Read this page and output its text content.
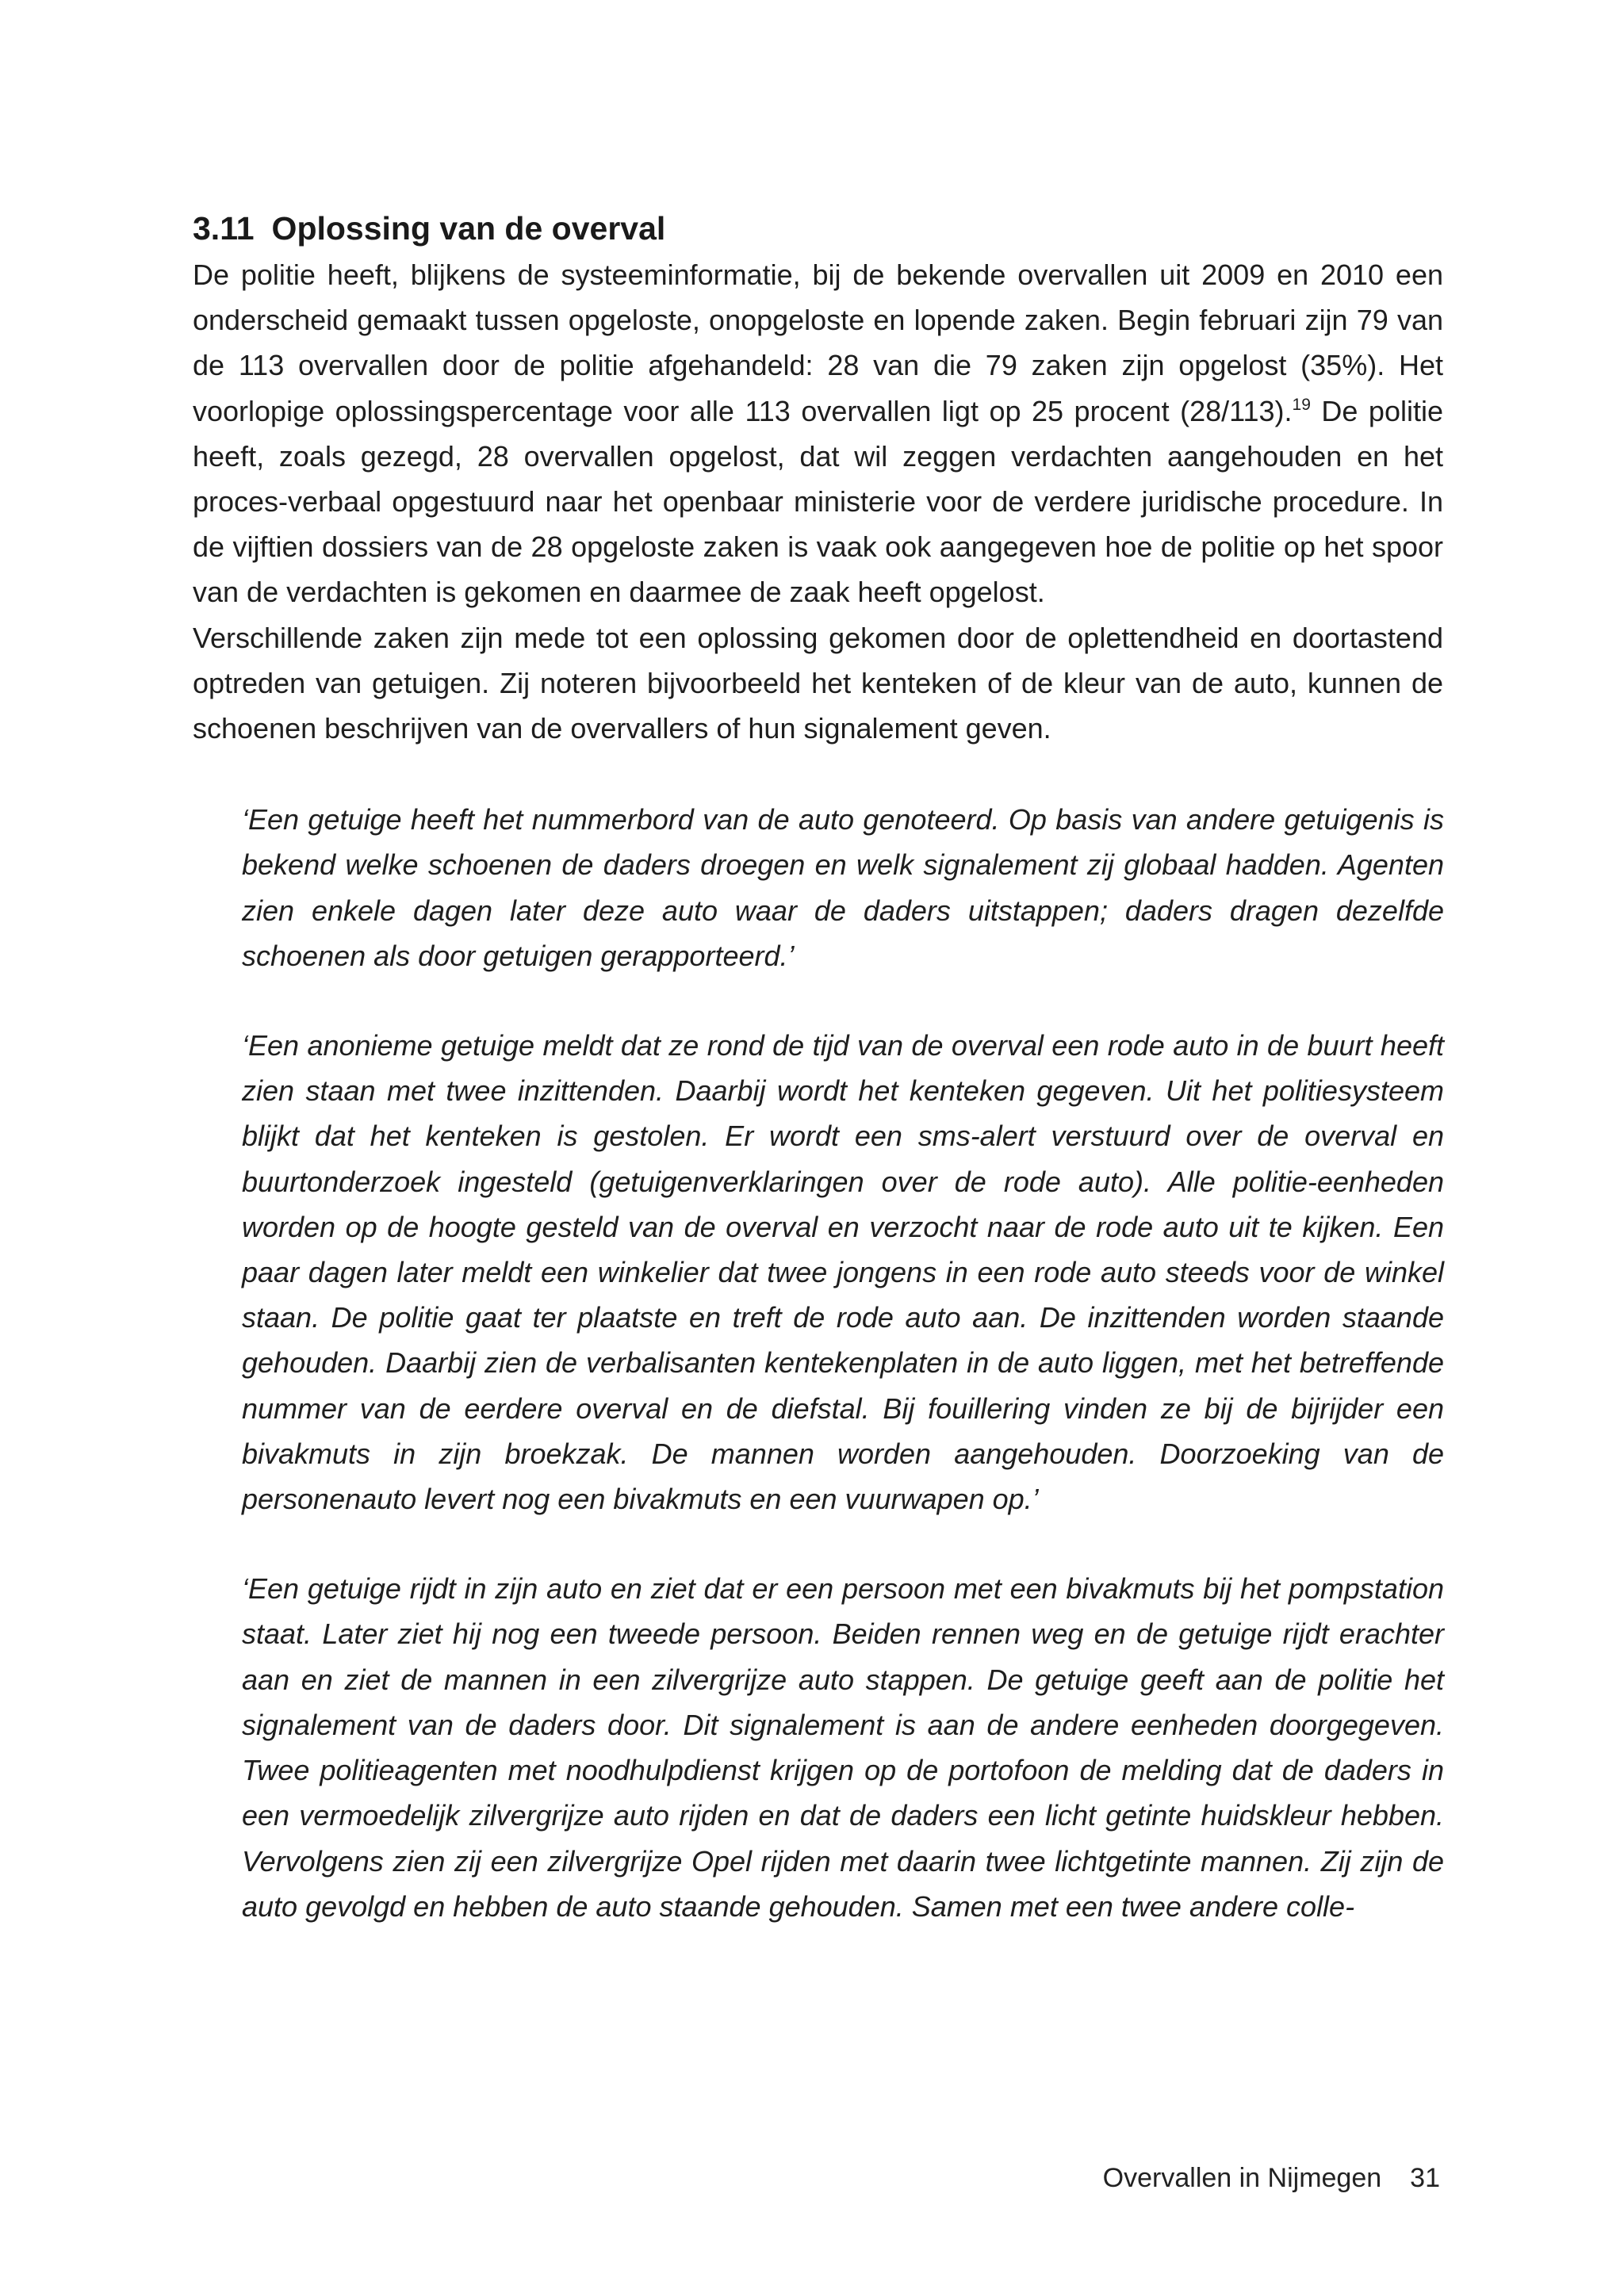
3.11 Oplossing van de overval

De politie heeft, blijkens de systeeminformatie, bij de bekende overvallen uit 2009 en 2010 een onderscheid gemaakt tussen opgeloste, onopgeloste en lopende zaken. Begin februari zijn 79 van de 113 overvallen door de politie afgehandeld: 28 van die 79 zaken zijn opgelost (35%). Het voorlopige oplossingspercentage voor alle 113 overvallen ligt op 25 procent (28/113).$^{19}$ De politie heeft, zoals gezegd, 28 overvallen opgelost, dat wil zeggen verdachten aangehouden en het proces-verbaal opgestuurd naar het openbaar ministerie voor de verdere juridische procedure. In de vijftien dossiers van de 28 opgeloste zaken is vaak ook aangegeven hoe de politie op het spoor van de verdachten is gekomen en daarmee de zaak heeft opgelost.

Verschillende zaken zijn mede tot een oplossing gekomen door de oplettendheid en doortastend optreden van getuigen. Zij noteren bijvoorbeeld het kenteken of de kleur van de auto, kunnen de schoenen beschrijven van de overvallers of hun signalement geven.

‘Een getuige heeft het nummerbord van de auto genoteerd. Op basis van andere getuigenis is bekend welke schoenen de daders droegen en welk signalement zij globaal hadden. Agenten zien enkele dagen later deze auto waar de daders uitstappen; daders dragen dezelfde schoenen als door getuigen gerapporteerd.’

‘Een anonieme getuige meldt dat ze rond de tijd van de overval een rode auto in de buurt heeft zien staan met twee inzittenden. Daarbij wordt het kenteken gegeven. Uit het politiesysteem blijkt dat het kenteken is gestolen. Er wordt een sms-alert verstuurd over de overval en buurtonderzoek ingesteld (getuigenverklaringen over de rode auto). Alle politie-eenheden worden op de hoogte gesteld van de overval en verzocht naar de rode auto uit te kijken. Een paar dagen later meldt een winkelier dat twee jongens in een rode auto steeds voor de winkel staan. De politie gaat ter plaatste en treft de rode auto aan. De inzittenden worden staande gehouden. Daarbij zien de verbalisanten kentekenplaten in de auto liggen, met het betreffende nummer van de eerdere overval en de diefstal. Bij fouillering vinden ze bij de bijrijder een bivakmuts in zijn broekzak. De mannen worden aangehouden. Doorzoeking van de personenauto levert nog een bivakmuts en een vuurwapen op.’

‘Een getuige rijdt in zijn auto en ziet dat er een persoon met een bivakmuts bij het pompstation staat. Later ziet hij nog een tweede persoon. Beiden rennen weg en de getuige rijdt erachter aan en ziet de mannen in een zilvergrijze auto stappen. De getuige geeft aan de politie het signalement van de daders door. Dit signalement is aan de andere eenheden doorgegeven. Twee politieagenten met noodhulpdienst krijgen op de portofoon de melding dat de daders in een vermoedelijk zilvergrijze auto rijden en dat de daders een licht getinte huidskleur hebben. Vervolgens zien zij een zilvergrijze Opel rijden met daarin twee lichtgetinte mannen. Zij zijn de auto gevolgd en hebben de auto staande gehouden. Samen met een twee andere colle-

Overvallen in Nijmegen 31
